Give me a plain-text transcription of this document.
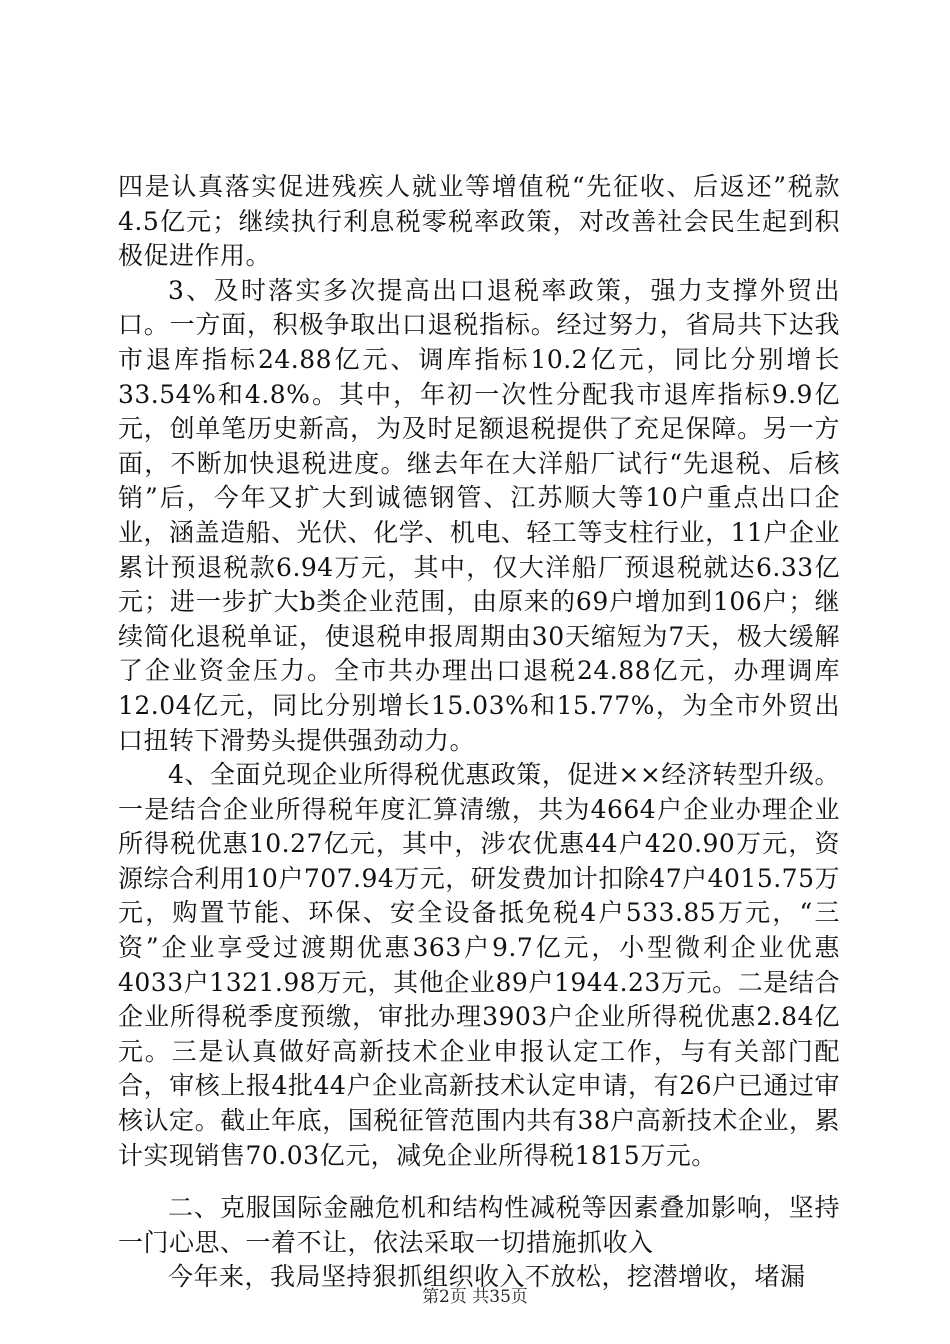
四是认真落实促进残疾人就业等增值税“先征收、后返还”税款4.5亿元；继续执行利息税零税率政策，对改善社会民生起到积极促进作用。

3、及时落实多次提高出口退税率政策，强力支撑外贸出口。一方面，积极争取出口退税指标。经过努力，省局共下达我市退库指标24.88亿元、调库指标10.2亿元，同比分别增长33.54%和4.8%。其中，年初一次性分配我市退库指标9.9亿元，创单笔历史新高，为及时足额退税提供了充足保障。另一方面，不断加快退税进度。继去年在大洋船厂试行“先退税、后核销”后，今年又扩大到诚德钢管、江苏顺大等10户重点出口企业，涵盖造船、光伏、化学、机电、轻工等支柱行业，11户企业累计预退税款6.94万元，其中，仅大洋船厂预退税就达6.33亿元；进一步扩大b类企业范围，由原来的69户增加到106户；继续简化退税单证，使退税申报周期由30天缩短为7天，极大缓解了企业资金压力。全市共办理出口退税24.88亿元，办理调库12.04亿元，同比分别增长15.03%和15.77%，为全市外贸出口扭转下滑势头提供强劲动力。

4、全面兑现企业所得税优惠政策，促进××经济转型升级。一是结合企业所得税年度汇算清缴，共为4664户企业办理企业所得税优惠10.27亿元，其中，涉农优惠44户420.90万元，资源综合利用10户707.94万元，研发费加计扣除47户4015.75万元，购置节能、环保、安全设备抵免税4户533.85万元，“三资”企业享受过渡期优惠363户9.7亿元，小型微利企业优惠4033户1321.98万元，其他企业89户1944.23万元。二是结合企业所得税季度预缴，审批办理3903户企业所得税优惠2.84亿元。三是认真做好高新技术企业申报认定工作，与有关部门配合，审核上报4批44户企业高新技术认定申请，有26户已通过审核认定。截止年底，国税征管范围内共有38户高新技术企业，累计实现销售70.03亿元，减免企业所得税1815万元。

二、克服国际金融危机和结构性减税等因素叠加影响，坚持一门心思、一着不让，依法采取一切措施抓收入

今年来，我局坚持狠抓组织收入不放松，挖潜增收，堵漏

第2页 共35页
